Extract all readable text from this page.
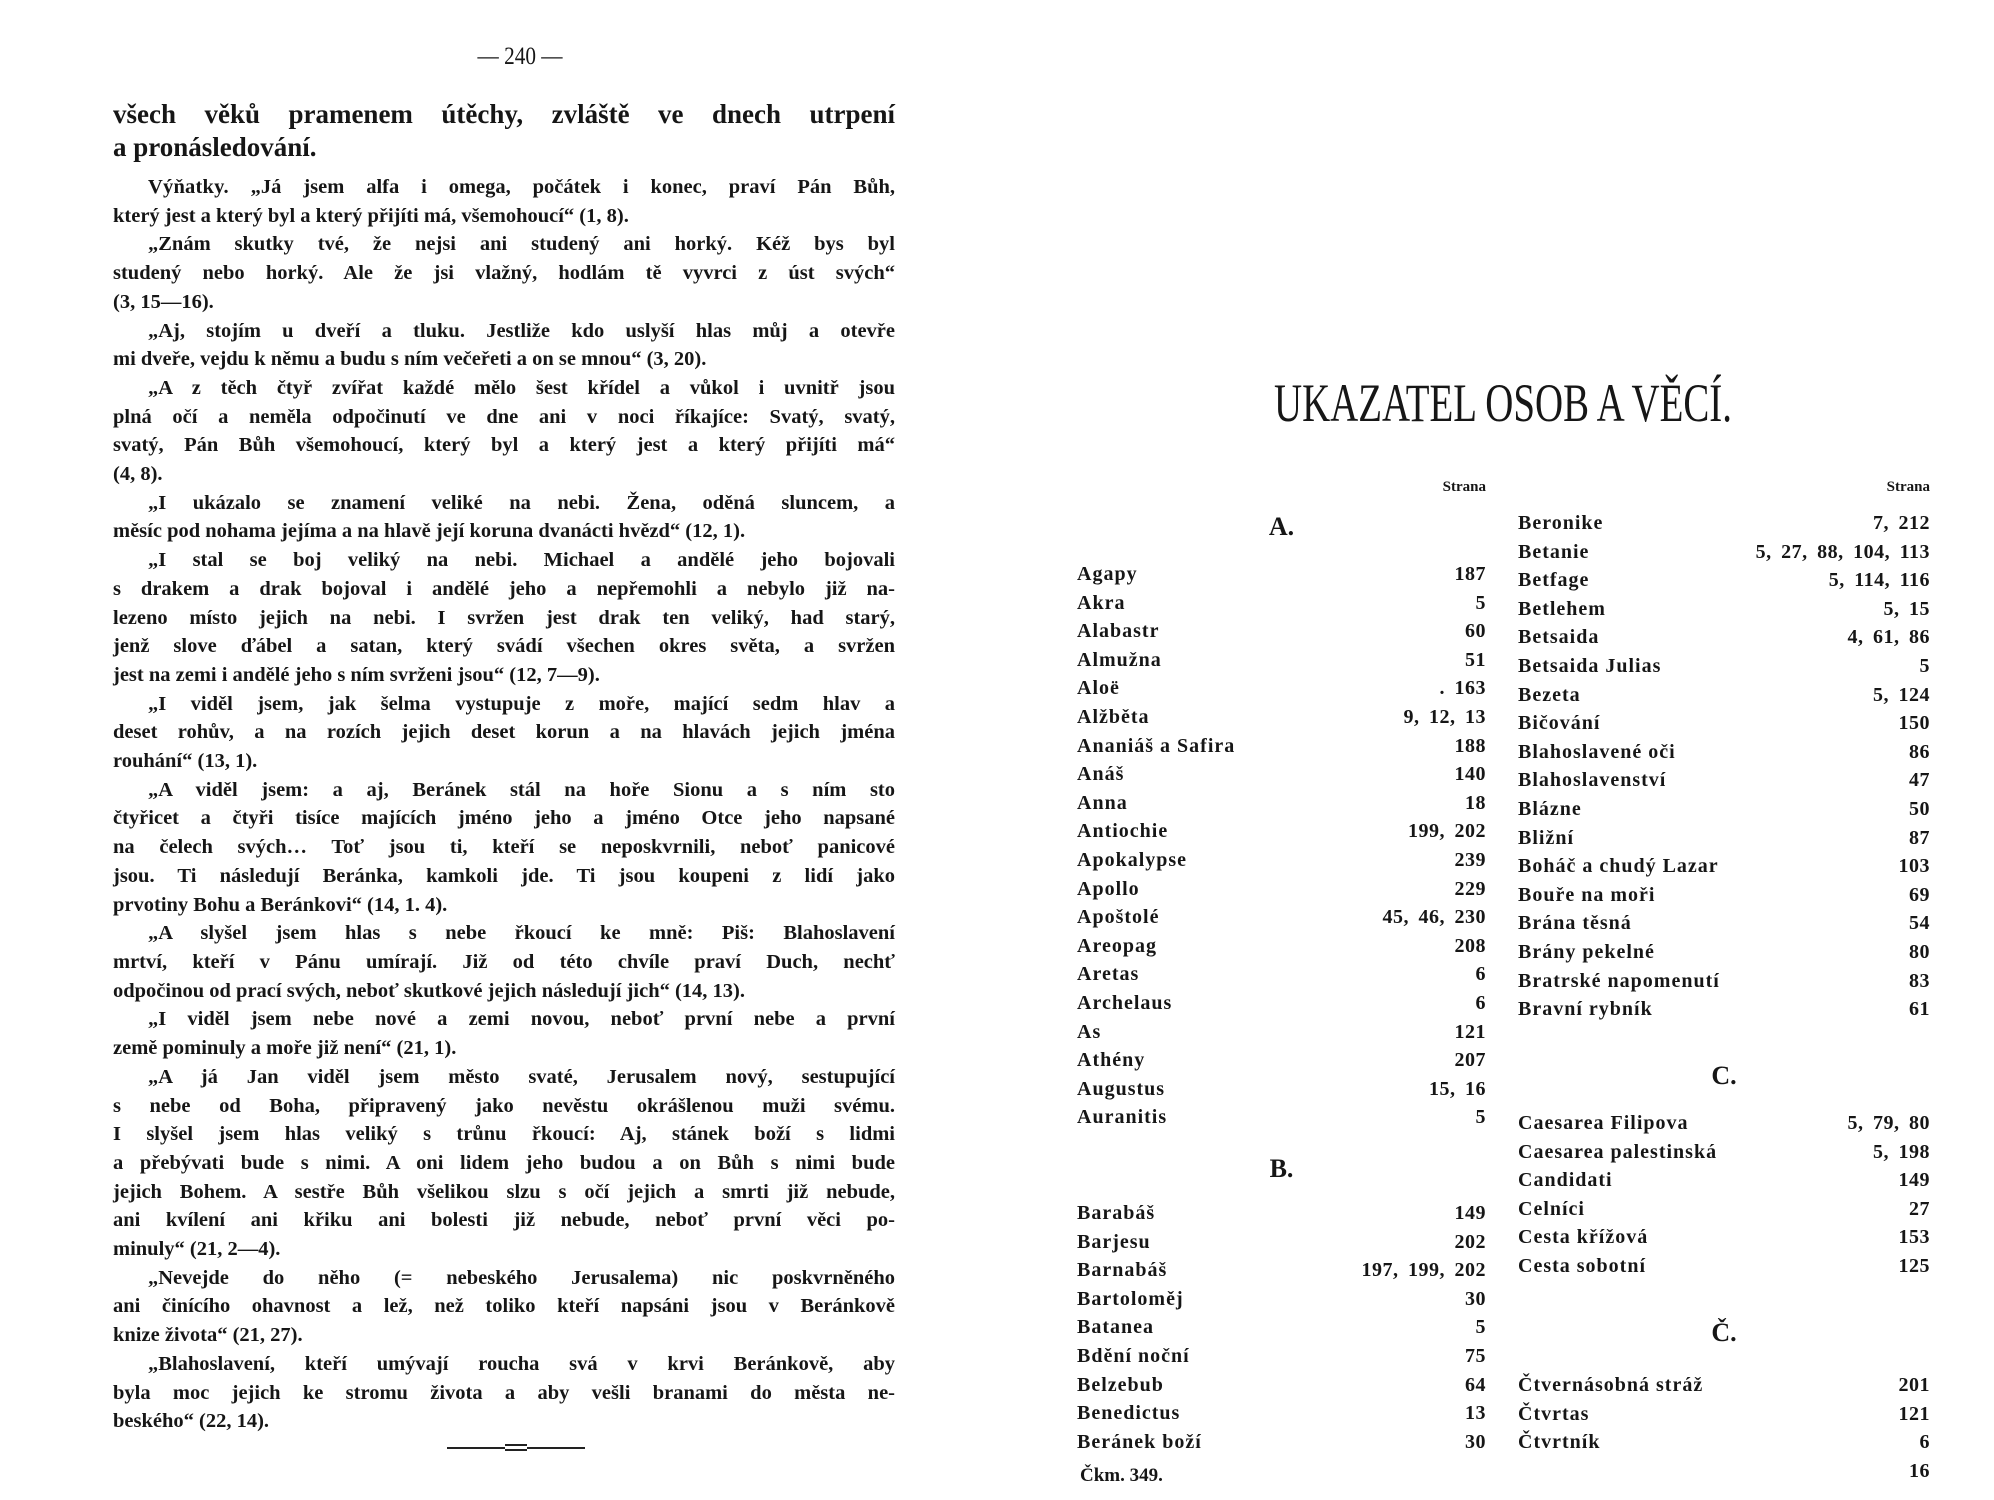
— 240 —
všech věků pramenem útěchy, zvláště ve dnech utrpení
a pronásledování.
Výňatky. „Já jsem alfa i omega, počátek i konec, praví Pán Bůh,
který jest a který byl a který přijíti má, všemohoucí“ (1, 8).
„Znám skutky tvé, že nejsi ani studený ani horký. Kéž bys byl
studený nebo horký. Ale že jsi vlažný, hodlám tě vyvrci z úst svých“
(3, 15—16).
„Aj, stojím u dveří a tluku. Jestliže kdo uslyší hlas můj a otevře
mi dveře, vejdu k němu a budu s ním večeřeti a on se mnou“ (3, 20).
„A z těch čtyř zvířat každé mělo šest křídel a vůkol i uvnitř jsou
plná očí a neměla odpočinutí ve dne ani v noci říkajíce: Svatý, svatý,
svatý, Pán Bůh všemohoucí, který byl a který jest a který přijíti má“
(4, 8).
„I ukázalo se znamení veliké na nebi. Žena, oděná sluncem, a
měsíc pod nohama jejíma a na hlavě její koruna dvanácti hvězd“ (12, 1).
„I stal se boj veliký na nebi. Michael a andělé jeho bojovali
s drakem a drak bojoval i andělé jeho a nepřemohli a nebylo již na-
lezeno místo jejich na nebi. I svržen jest drak ten veliký, had starý,
jenž slove ďábel a satan, který svádí všechen okres světa, a svržen
jest na zemi i andělé jeho s ním svrženi jsou“ (12, 7—9).
„I viděl jsem, jak šelma vystupuje z moře, mající sedm hlav a
deset rohův, a na rozích jejich deset korun a na hlavách jejich jména
rouhání“ (13, 1).
„A viděl jsem: a aj, Beránek stál na hoře Sionu a s ním sto
čtyřicet a čtyři tisíce majících jméno jeho a jméno Otce jeho napsané
na čelech svých… Toť jsou ti, kteří se neposkvrnili, neboť panicové
jsou. Ti následují Beránka, kamkoli jde. Ti jsou koupeni z lidí jako
prvotiny Bohu a Beránkovi“ (14, 1. 4).
„A slyšel jsem hlas s nebe řkoucí ke mně: Piš: Blahoslavení
mrtví, kteří v Pánu umírají. Již od této chvíle praví Duch, nechť
odpočinou od prací svých, neboť skutkové jejich následují jich“ (14, 13).
„I viděl jsem nebe nové a zemi novou, neboť první nebe a první
země pominuly a moře již není“ (21, 1).
„A já Jan viděl jsem město svaté, Jerusalem nový, sestupující
s nebe od Boha, připravený jako nevěstu okrášlenou muži svému.
I slyšel jsem hlas veliký s trůnu řkoucí: Aj, stánek boží s lidmi
a přebývati bude s nimi. A oni lidem jeho budou a on Bůh s nimi bude
jejich Bohem. A sestře Bůh všelikou slzu s očí jejich a smrti již nebude,
ani kvílení ani křiku ani bolesti již nebude, neboť první věci po-
minuly“ (21, 2—4).
„Nevejde do něho (= nebeského Jerusalema) nic poskvrněného
ani činícího ohavnost a lež, než toliko kteří napsáni jsou v Beránkově
knize života“ (21, 27).
„Blahoslavení, kteří umývají roucha svá v krvi Beránkově, aby
byla moc jejich ke stromu života a aby vešli branami do města ne-
beského“ (22, 14).
UKAZATEL OSOB A VĚCÍ.
Strana
A.
Agapy	187
Akra	5
Alabastr	60
Almužna	51
Aloë	. 163
Alžběta	9, 12, 13
Ananiáš a Safira	188
Anáš	140
Anna	18
Antiochie	199, 202
Apokalypse	239
Apollo	229
Apoštolé	45, 46, 230
Areopag	208
Aretas	6
Archelaus	6
As	121
Athény	207
Augustus	15, 16
Auranitis	5
B.
Barabáš	149
Barjesu	202
Barnabáš	197, 199, 202
Bartoloměj	30
Batanea	5
Bdění noční	75
Belzebub	64
Benedictus	13
Beránek boží	30
Strana
Beronike	7, 212
Betanie	5, 27, 88, 104, 113
Betfage	5, 114, 116
Betlehem	5, 15
Betsaida	4, 61, 86
Betsaida Julias	5
Bezeta	5, 124
Bičování	150
Blahoslavené oči	86
Blahoslavenství	47
Blázne	50
Bližní	87
Boháč a chudý Lazar	103
Bouře na moři	69
Brána těsná	54
Brány pekelné	80
Bratrské napomenutí	83
Bravní rybník	61
C.
Caesarea Filipova	5, 79, 80
Caesarea palestinská	5, 198
Candidati	149
Celníci	27
Cesta křížová	153
Cesta sobotní	125
Č.
Čtvernásobná stráž	201
Čtvrtas	121
Čtvrtník	6
16
Čkm. 349.
